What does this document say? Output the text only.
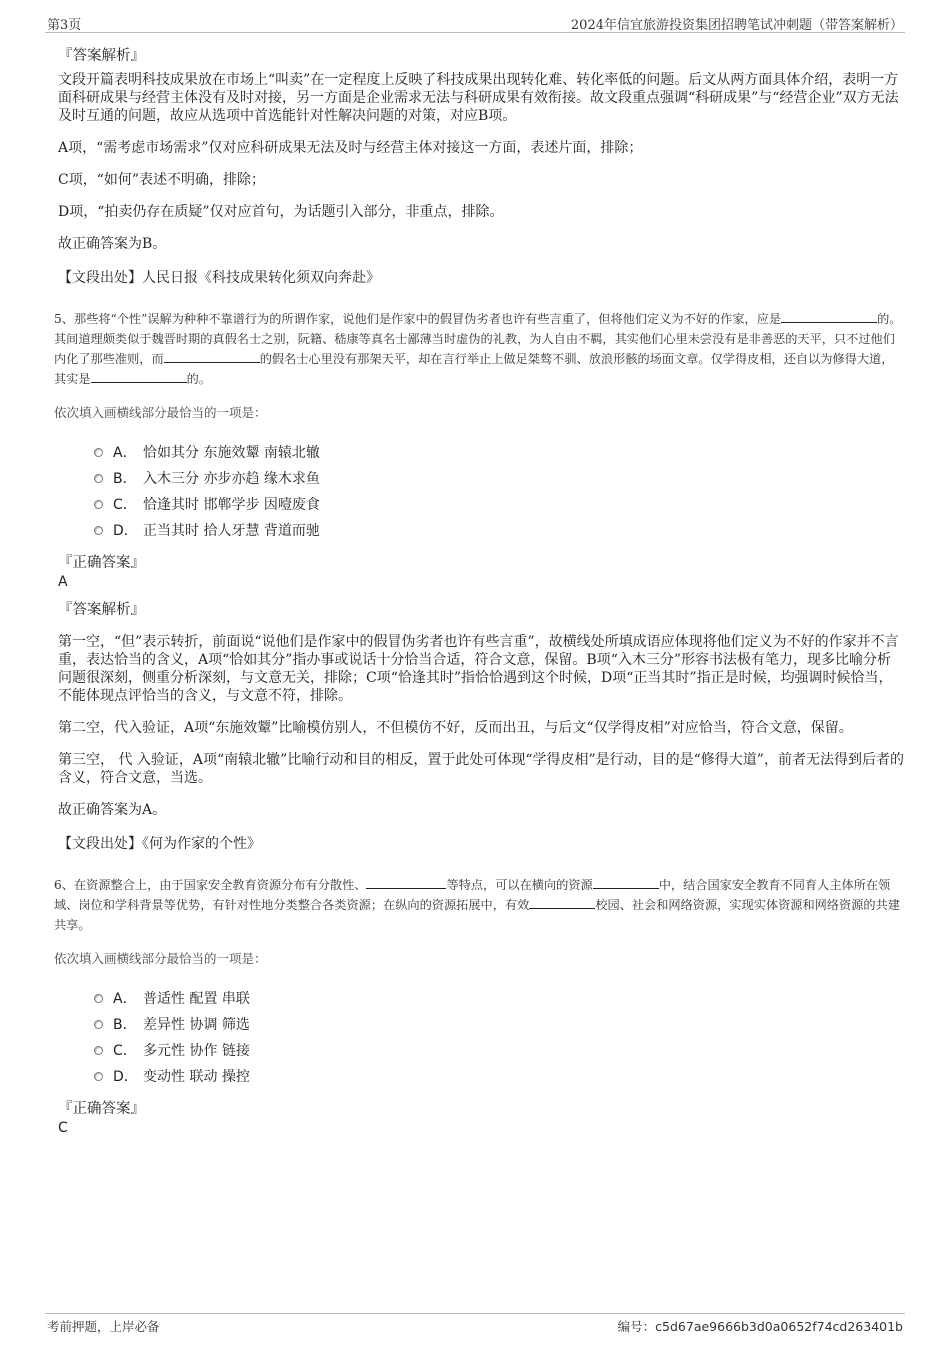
第3页	2024年信宜旅游投资集团招聘笔试冲刺题（带答案解析）
『答案解析』

文段开篇表明科技成果放在市场上“叫卖”在一定程度上反映了科技成果出现转化难、转化率低的问题。后文从两方面具体介绍，表明一方面科研成果与经营主体没有及时对接，另一方面是企业需求无法与科研成果有效衔接。故文段重点强调“科研成果”与“经营企业”双方无法及时互通的问题，故应从选项中首选能针对性解决问题的对策，对应B项。

A项，“需考虑市场需求”仅对应科研成果无法及时与经营主体对接这一方面，表述片面，排除；

C项，“如何”表述不明确，排除；

D项，“拍卖仍存在质疑”仅对应首句，为话题引入部分，非重点，排除。

故正确答案为B。

【文段出处】人民日报《科技成果转化须双向奔赴》

5、那些将“个性”误解为种种不靠谱行为的所谓作家，说他们是作家中的假冒伪劣者也许有些言重了，但将他们定义为不好的作家，应是	的。其间道理颇类似于魏晋时期的真假名士之别，阮籍、嵇康等真名士鄙薄当时虚伪的礼教，为人自由不羁，其实他们心里未尝没有是非善恶的天平，只不过他们内化了那些准则，而	的假名士心里没有那架天平，却在言行举止上做足桀骜不驯、放浪形骸的场面文章。仅学得皮相，还自以为修得大道，其实是	的。

依次填入画横线部分最恰当的一项是：

A． 恰如其分 东施效颦 南辕北辙
B． 入木三分 亦步亦趋 缘木求鱼
C． 恰逢其时 邯郸学步 因噎废食
D． 正当其时 拾人牙慧 背道而驰
『正确答案』
A
『答案解析』

第一空，“但”表示转折，前面说“说他们是作家中的假冒伪劣者也许有些言重”，故横线处所填成语应体现将他们定义为不好的作家并不言重，表达恰当的含义，A项“恰如其分”指办事或说话十分恰当合适，符合文意，保留。B项“入木三分”形容书法极有笔力，现多比喻分析问题很深刻，侧重分析深刻，与文意无关，排除；C项“恰逢其时”指恰恰遇到这个时候，D项“正当其时”指正是时候，均强调时候恰当，不能体现点评恰当的含义，与文意不符，排除。

第二空，代入验证，A项“东施效颦”比喻模仿别人，不但模仿不好，反而出丑，与后文“仅学得皮相”对应恰当，符合文意，保留。

第三空， 代 入验证，A项“南辕北辙”比喻行动和目的相反，置于此处可体现“学得皮相”是行动，目的是“修得大道”，前者无法得到后者的含义，符合文意，当选。

故正确答案为A。

【文段出处】《何为作家的个性》

6、在资源整合上，由于国家安全教育资源分布有分散性、	等特点，可以在横向的资源	中，结合国家安全教育不同育人主体所在领域、岗位和学科背景等优势，有针对性地分类整合各类资源；在纵向的资源拓展中，有效	校园、社会和网络资源，实现实体资源和网络资源的共建共享。

依次填入画横线部分最恰当的一项是：

A． 普适性 配置 串联
B． 差异性 协调 筛选
C． 多元性 协作 链接
D． 变动性 联动 操控
『正确答案』
C
考前押题，上岸必备	编号：c5d67ae9666b3d0a0652f74cd263401b
